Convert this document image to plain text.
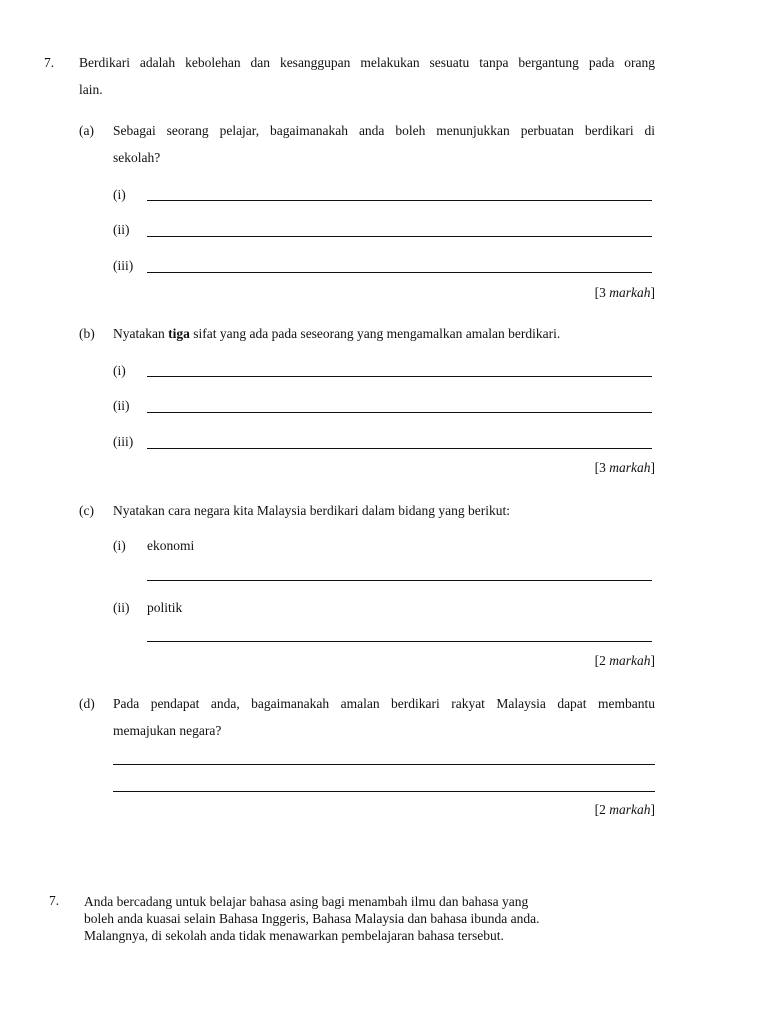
7. Berdikari adalah kebolehan dan kesanggupan melakukan sesuatu tanpa bergantung pada orang
lain.
(a) Sebagai seorang pelajar, bagaimanakah anda boleh menunjukkan perbuatan berdikari di
sekolah?
(i)
(ii)
(iii)
[3 markah]
(b) Nyatakan tiga sifat yang ada pada seseorang yang mengamalkan amalan berdikari.
(i)
(ii)
(iii)
[3 markah]
(c) Nyatakan cara negara kita Malaysia berdikari dalam bidang yang berikut:
(i) ekonomi
(ii) politik
[2 markah]
(d) Pada pendapat anda, bagaimanakah amalan berdikari rakyat Malaysia dapat membantu
memajukan negara?
[2 markah]
7. Anda bercadang untuk belajar bahasa asing bagi menambah ilmu dan bahasa yang
boleh anda kuasai selain Bahasa Inggeris, Bahasa Malaysia dan bahasa ibunda anda.
Malangnya, di sekolah anda tidak menawarkan pembelajaran bahasa tersebut.
